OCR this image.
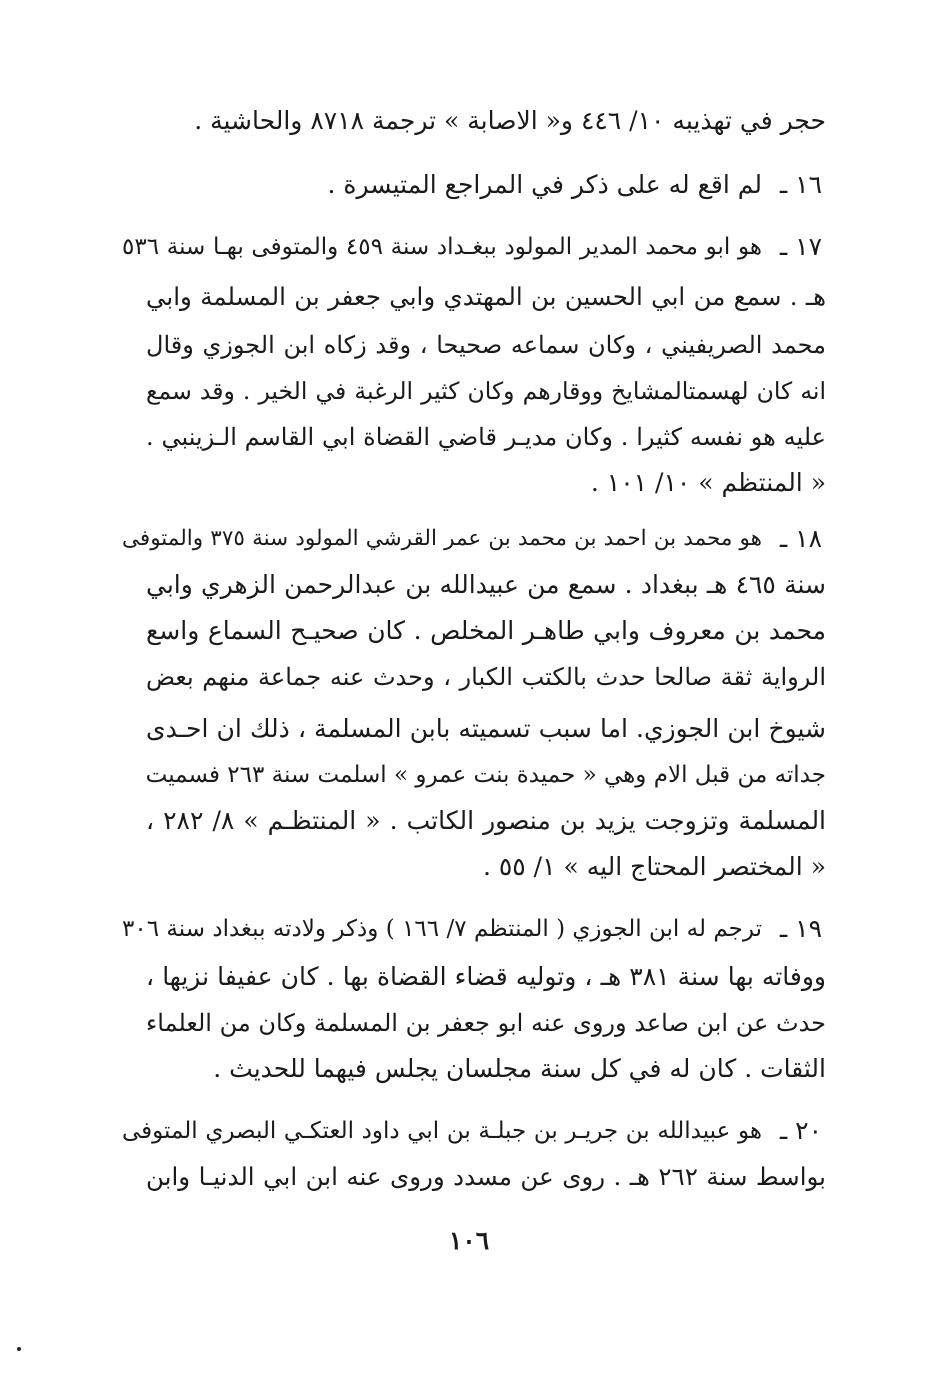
حجر في تهذيبه ١٠/ ٤٤٦ و« الاصابة » ترجمة ٨٧١٨ والحاشية .
١٦ ـ
لم اقع له على ذكر في المراجع المتيسرة .
١٧ ـ
هو ابو محمد المدير المولود ببغـداد سنة ٤٥٩ والمتوفى بهـا سنة ٥٣٦
هـ . سمع من ابي الحسين بن المهتدي وابي جعفر بن المسلمة وابي
محمد الصريفيني ، وكان سماعه صحيحا ، وقد زكاه ابن الجوزي وقال
انه كان لهسمتالمشايخ ووقارهم وكان كثير الرغبة في الخير . وقد سمع
عليه هو نفسه كثيرا . وكان مديـر قاضي القضاة ابي القاسم الـزينبي .
« المنتظم » ١٠/ ١٠١ .
١٨ ـ
هو محمد بن احمد بن محمد بن عمر القرشي المولود سنة ٣٧٥ والمتوفى
سنة ٤٦٥ هـ ببغداد . سمع من عبيدالله بن عبدالرحمن الزهري وابي
محمد بن معروف وابي طاهـر المخلص . كان صحيـح السماع واسع
الرواية ثقة صالحا حدث بالكتب الكبار ، وحدث عنه جماعة منهم بعض
شيوخ ابن الجوزي. اما سبب تسميته بابن المسلمة ، ذلك ان احـدى
جداته من قبل الام وهي « حميدة بنت عمرو » اسلمت سنة ٢٦٣ فسميت
المسلمة وتزوجت يزيد بن منصور الكاتب . « المنتظـم » ٨/ ٢٨٢ ،
« المختصر المحتاج اليه » ١/ ٥٥ .
١٩ ـ
ترجم له ابن الجوزي ( المنتظم ٧/ ١٦٦ ) وذكر ولادته ببغداد سنة ٣٠٦
ووفاته بها سنة ٣٨١ هـ ، وتوليه قضاء القضاة بها . كان عفيفا نزيها ،
حدث عن ابن صاعد وروى عنه ابو جعفر بن المسلمة وكان من العلماء
الثقات . كان له في كل سنة مجلسان يجلس فيهما للحديث .
٢٠ ـ
هو عبيدالله بن جريـر بن جبلـة بن ابي داود العتكـي البصري المتوفى
بواسط سنة ٢٦٢ هـ . روى عن مسدد وروى عنه ابن ابي الدنيـا وابن
١٠٦
